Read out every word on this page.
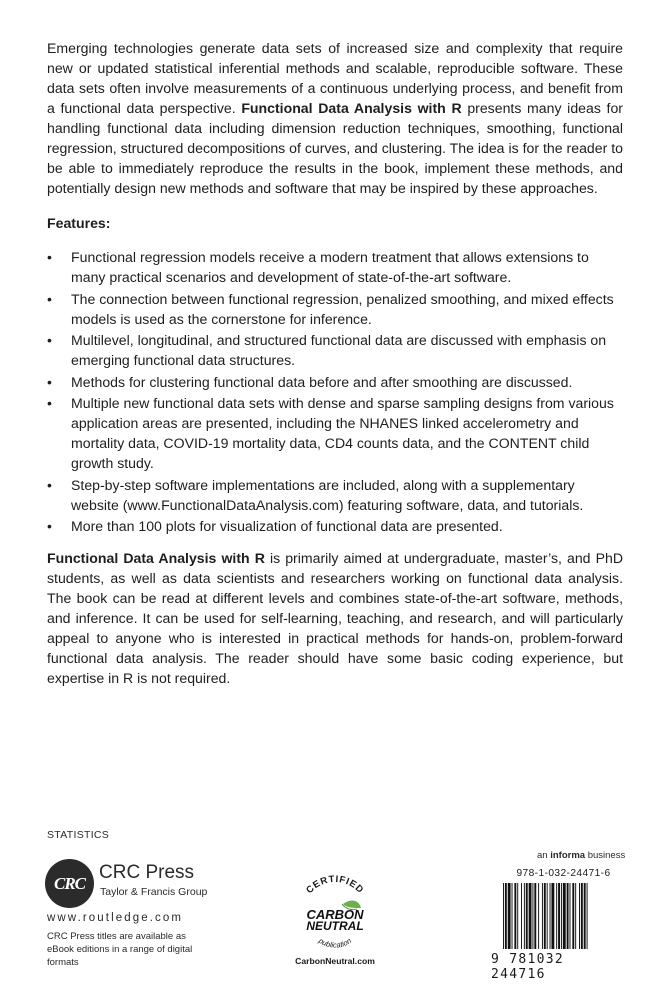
Emerging technologies generate data sets of increased size and complexity that require new or updated statistical inferential methods and scalable, reproducible software. These data sets often involve measurements of a continuous underlying process, and benefit from a functional data perspective. Functional Data Analysis with R presents many ideas for handling functional data including dimension reduction techniques, smoothing, functional regression, structured decompositions of curves, and clustering. The idea is for the reader to be able to immediately reproduce the results in the book, implement these methods, and potentially design new methods and software that may be inspired by these approaches.

Features:
• Functional regression models receive a modern treatment that allows extensions to many practical scenarios and development of state-of-the-art software.
• The connection between functional regression, penalized smoothing, and mixed effects models is used as the cornerstone for inference.
• Multilevel, longitudinal, and structured functional data are discussed with emphasis on emerging functional data structures.
• Methods for clustering functional data before and after smoothing are discussed.
• Multiple new functional data sets with dense and sparse sampling designs from various application areas are presented, including the NHANES linked accelerometry and mortality data, COVID-19 mortality data, CD4 counts data, and the CONTENT child growth study.
• Step-by-step software implementations are included, along with a supplementary website (www.FunctionalDataAnalysis.com) featuring software, data, and tutorials.
• More than 100 plots for visualization of functional data are presented.

Functional Data Analysis with R is primarily aimed at undergraduate, master’s, and PhD students, as well as data scientists and researchers working on functional data analysis. The book can be read at different levels and combines state-of-the-art software, methods, and inference. It can be used for self-learning, teaching, and research, and will particularly appeal to anyone who is interested in practical methods for hands-on, problem-forward functional data analysis. The reader should have some basic coding experience, but expertise in R is not required.

STATISTICS
CRC
CRC Press
Taylor & Francis Group
www.routledge.com
CRC Press titles are available as eBook editions in a range of digital formats
CERTIFIED
CARBON
NEUTRAL
publication
CarbonNeutral.com
an informa business
978-1-032-24471-6
9 781032 244716
